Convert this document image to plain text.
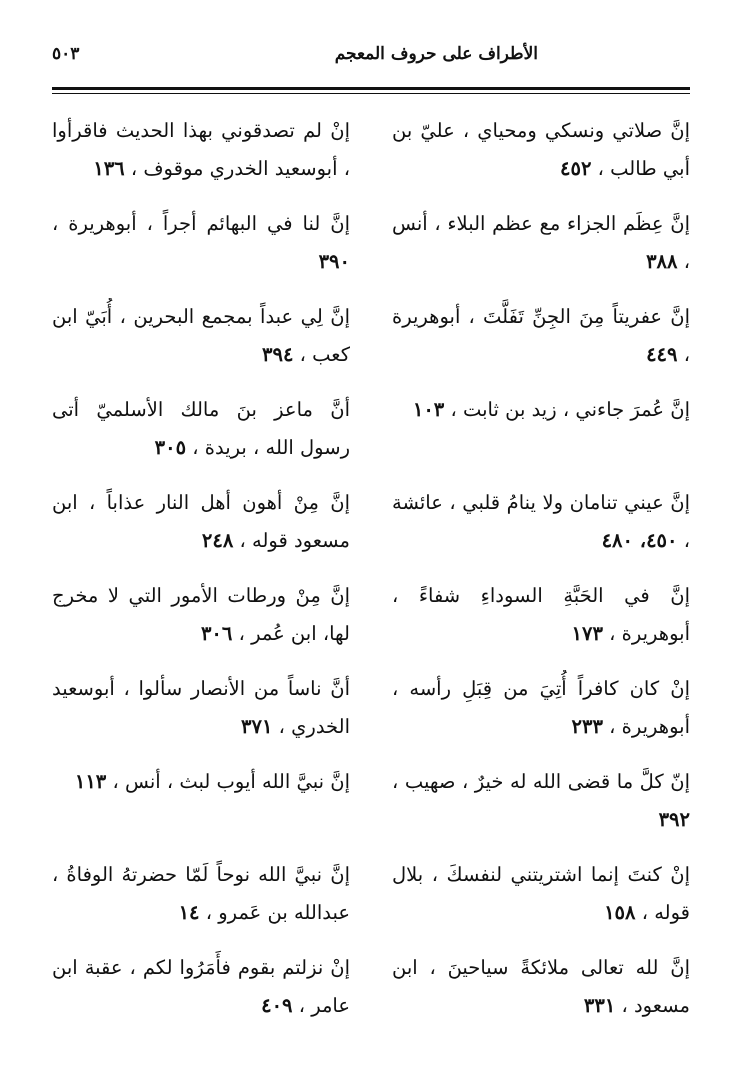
الأطراف على حروف المعجم
٥٠٣
إنَّ صلاتي ونسكي ومحياي ، عليّ بن أبي طالب ، ٤٥٢
إنَّ عِظَم الجزاء مع عظم البلاء ، أنس ، ٣٨٨
إنَّ عفريتاً مِنَ الجِنِّ تَفَلَّتَ ، أبوهريرة ، ٤٤٩
إنَّ عُمرَ جاءني ، زيد بن ثابت ، ١٠٣
إنَّ عيني تنامان ولا ينامُ قلبي ، عائشة ، ٤٥٠، ٤٨٠
إنَّ في الحَبَّةِ السوداءِ شفاءً ، أبوهريرة ، ١٧٣
إنْ كان كافراً أُتِيَ من قِبَلِ رأسه ، أبوهريرة ، ٢٣٣
إنّ كلَّ ما قضى الله له خيرٌ ، صهيب ، ٣٩٢
إنْ كنتَ إنما اشتريتني لنفسكَ ، بلال قوله ، ١٥٨
إنَّ لله تعالى ملائكةً سياحينَ ، ابن مسعود ، ٣٣١
إنْ لم تصدقوني بهذا الحديث فاقرأوا ، أبوسعيد الخدري موقوف ، ١٣٦
إنَّ لنا في البهائم أجراً ، أبوهريرة ، ٣٩٠
إنَّ لِي عبداً بمجمع البحرين ، أُبَيّ ابن كعب ، ٣٩٤
أنَّ ماعز بنَ مالك الأسلميّ أتى رسول الله ، بريدة ، ٣٠٥
إنَّ مِنْ أهون أهل النار عذاباً ، ابن مسعود قوله ، ٢٤٨
إنَّ مِنْ ورطات الأمور التي لا مخرج لها، ابن عُمر ، ٣٠٦
أنَّ ناساً من الأنصار سألوا ، أبوسعيد الخدري ، ٣٧١
إنَّ نبيَّ الله أيوب لبث ، أنس ، ١١٣
إنَّ نبيَّ الله نوحاً لَمّا حضرتهُ الوفاةُ ، عبدالله بن عَمرو ، ١٤
إنْ نزلتم بقوم فأَمَرُوا لكم ، عقبة ابن عامر ، ٤٠٩
